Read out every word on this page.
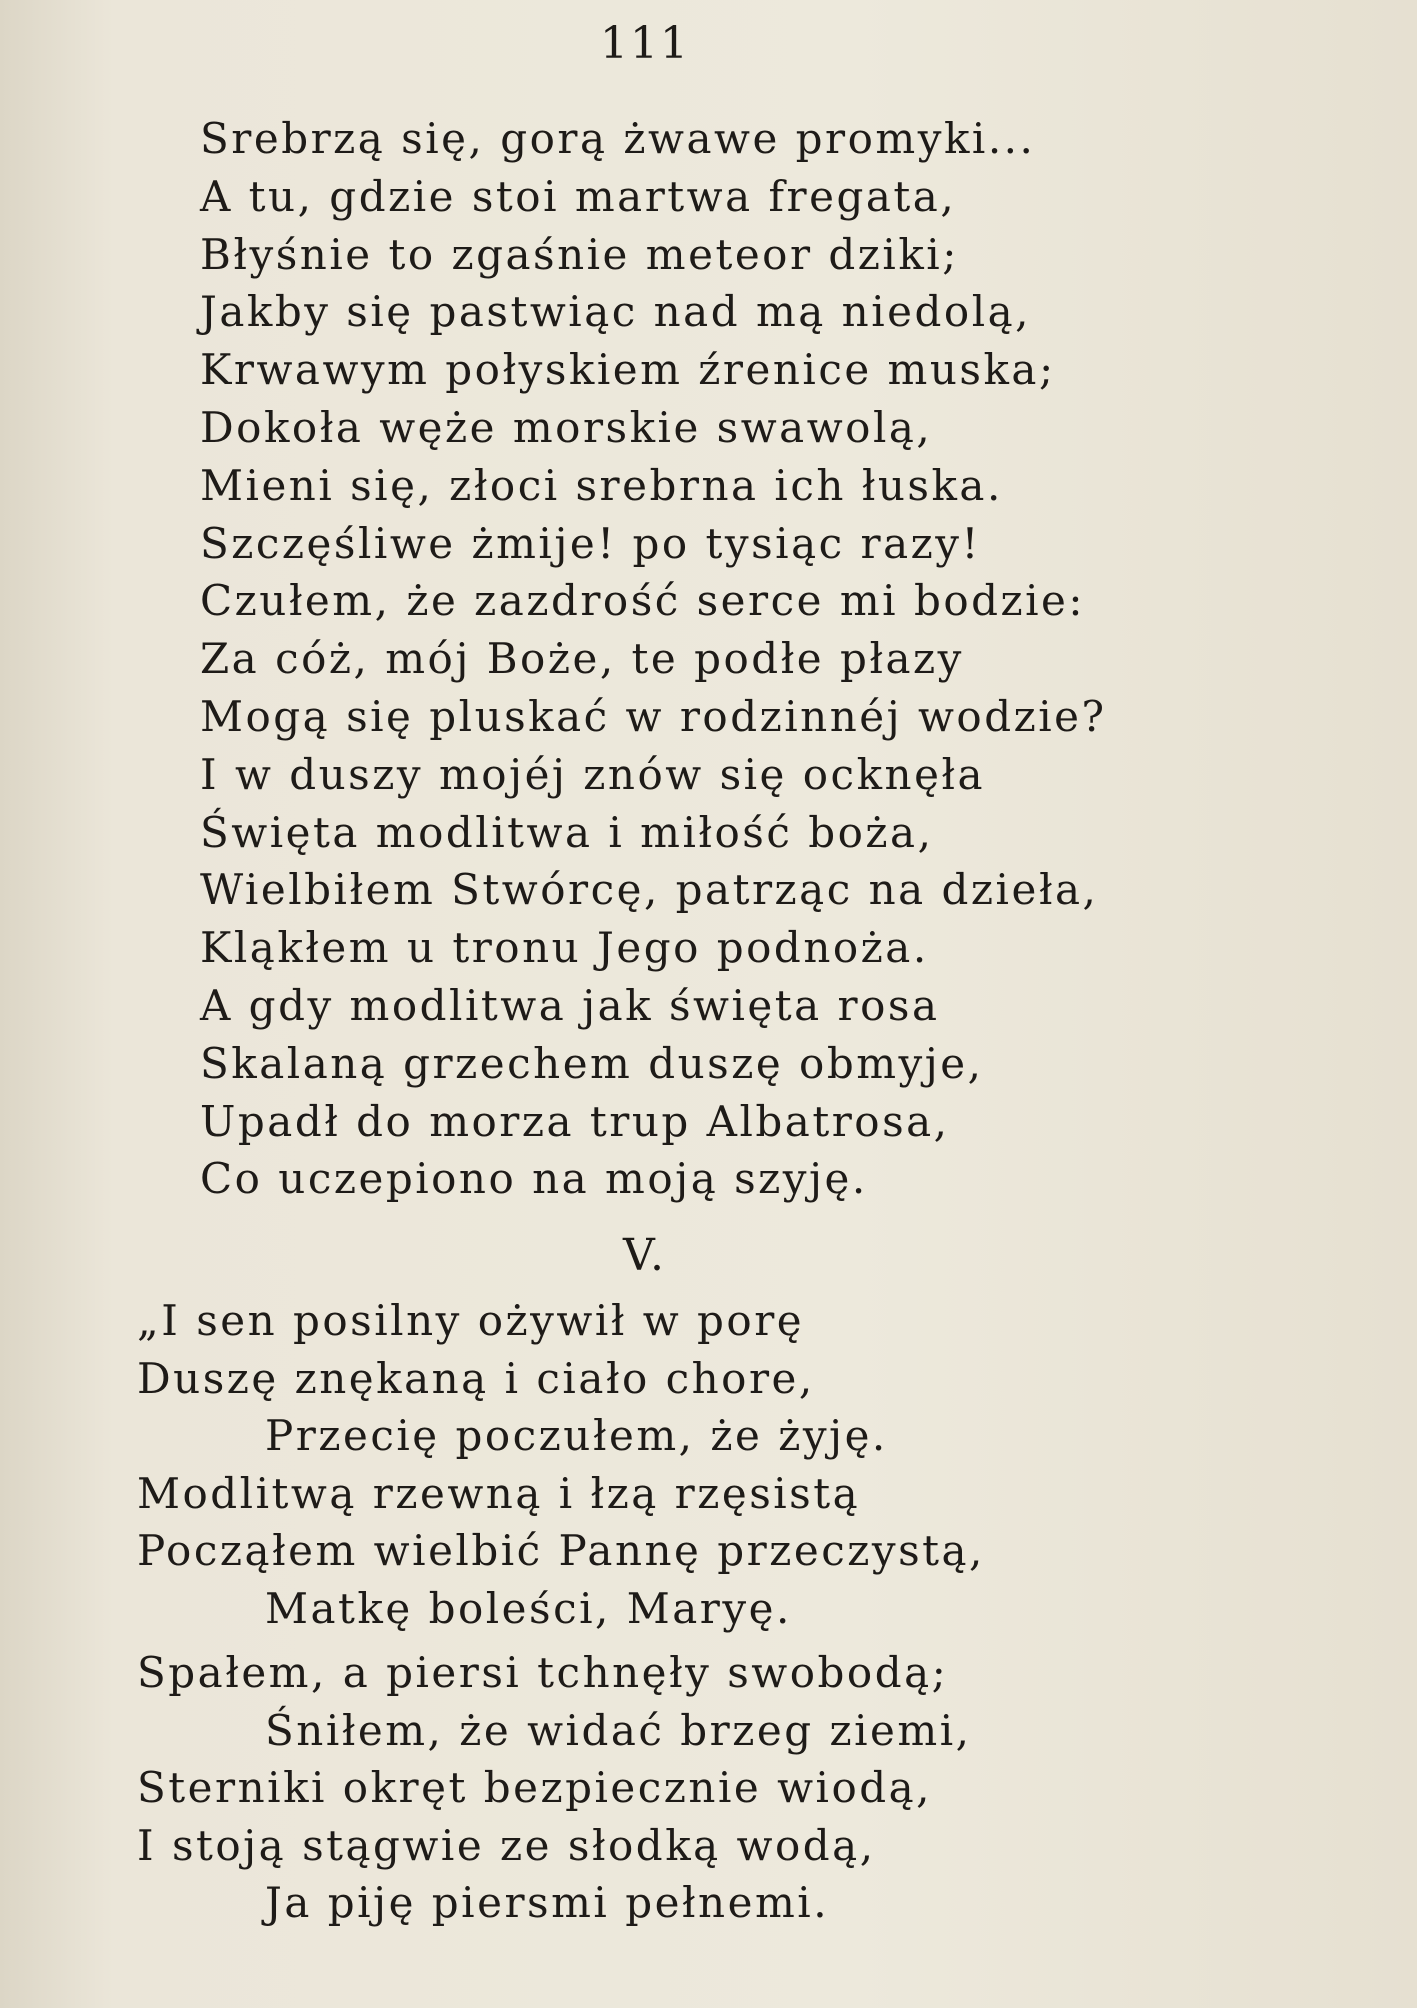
111
Srebrzą się, gorą żwawe promyki...
A tu, gdzie stoi martwa fregata,
Błyśnie to zgaśnie meteor dziki;
Jakby się pastwiąc nad mą niedolą,
Krwawym połyskiem źrenice muska;
Dokoła węże morskie swawolą,
Mieni się, złoci srebrna ich łuska.
Szczęśliwe żmije! po tysiąc razy!
Czułem, że zazdrość serce mi bodzie:
Za cóż, mój Boże, te podłe płazy
Mogą się pluskać w rodzinnéj wodzie?
I w duszy mojéj znów się ocknęła
Święta modlitwa i miłość boża,
Wielbiłem Stwórcę, patrząc na dzieła,
Kląkłem u tronu Jego podnoża.
A gdy modlitwa jak święta rosa
Skalaną grzechem duszę obmyje,
Upadł do morza trup Albatrosa,
Co uczepiono na moją szyję.
V.
„I sen posilny ożywił w porę
Duszę znękaną i ciało chore,
Przecię poczułem, że żyję.
Modlitwą rzewną i łzą rzęsistą
Począłem wielbić Pannę przeczystą,
Matkę boleści, Maryę.
Spałem, a piersi tchnęły swobodą;
Śniłem, że widać brzeg ziemi,
Sterniki okręt bezpiecznie wiodą,
I stoją stągwie ze słodką wodą,
Ja piję piersmi pełnemi.
